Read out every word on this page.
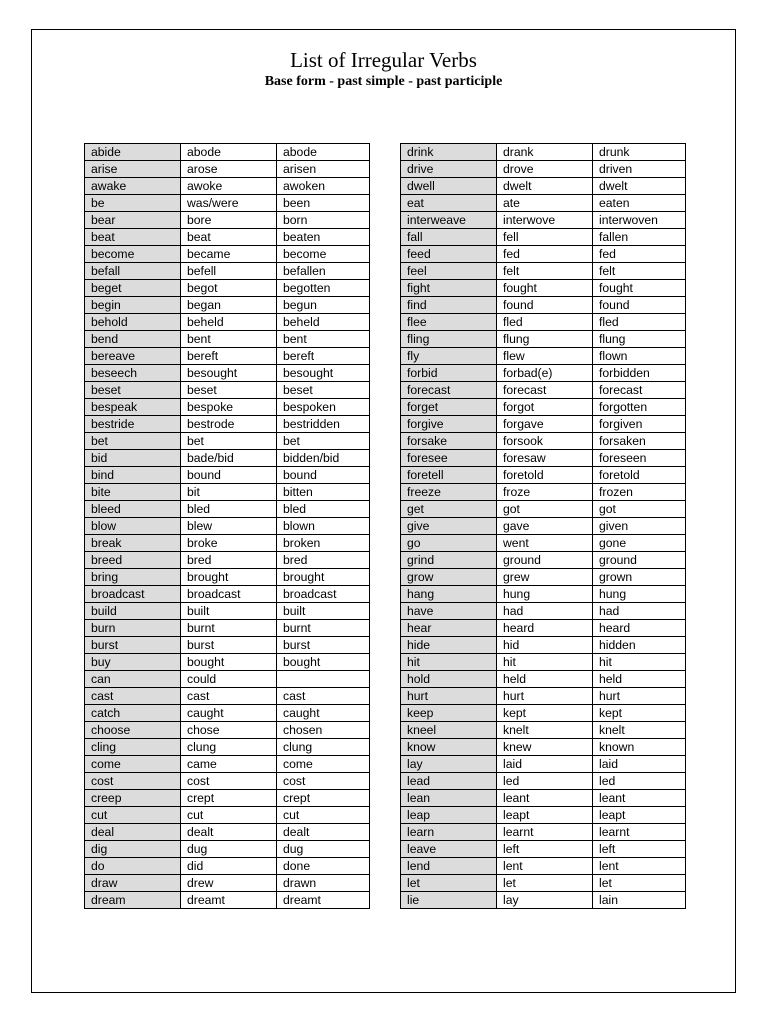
List of Irregular Verbs
Base form - past simple - past participle
abide	abode	abode
arise	arose	arisen
awake	awoke	awoken
be	was/were	been
bear	bore	born
beat	beat	beaten
become	became	become
befall	befell	befallen
beget	begot	begotten
begin	began	begun
behold	beheld	beheld
bend	bent	bent
bereave	bereft	bereft
beseech	besought	besought
beset	beset	beset
bespeak	bespoke	bespoken
bestride	bestrode	bestridden
bet	bet	bet
bid	bade/bid	bidden/bid
bind	bound	bound
bite	bit	bitten
bleed	bled	bled
blow	blew	blown
break	broke	broken
breed	bred	bred
bring	brought	brought
broadcast	broadcast	broadcast
build	built	built
burn	burnt	burnt
burst	burst	burst
buy	bought	bought
can	could	
cast	cast	cast
catch	caught	caught
choose	chose	chosen
cling	clung	clung
come	came	come
cost	cost	cost
creep	crept	crept
cut	cut	cut
deal	dealt	dealt
dig	dug	dug
do	did	done
draw	drew	drawn
dream	dreamt	dreamt
drink	drank	drunk
drive	drove	driven
dwell	dwelt	dwelt
eat	ate	eaten
interweave	interwove	interwoven
fall	fell	fallen
feed	fed	fed
feel	felt	felt
fight	fought	fought
find	found	found
flee	fled	fled
fling	flung	flung
fly	flew	flown
forbid	forbad(e)	forbidden
forecast	forecast	forecast
forget	forgot	forgotten
forgive	forgave	forgiven
forsake	forsook	forsaken
foresee	foresaw	foreseen
foretell	foretold	foretold
freeze	froze	frozen
get	got	got
give	gave	given
go	went	gone
grind	ground	ground
grow	grew	grown
hang	hung	hung
have	had	had
hear	heard	heard
hide	hid	hidden
hit	hit	hit
hold	held	held
hurt	hurt	hurt
keep	kept	kept
kneel	knelt	knelt
know	knew	known
lay	laid	laid
lead	led	led
lean	leant	leant
leap	leapt	leapt
learn	learnt	learnt
leave	left	left
lend	lent	lent
let	let	let
lie	lay	lain
